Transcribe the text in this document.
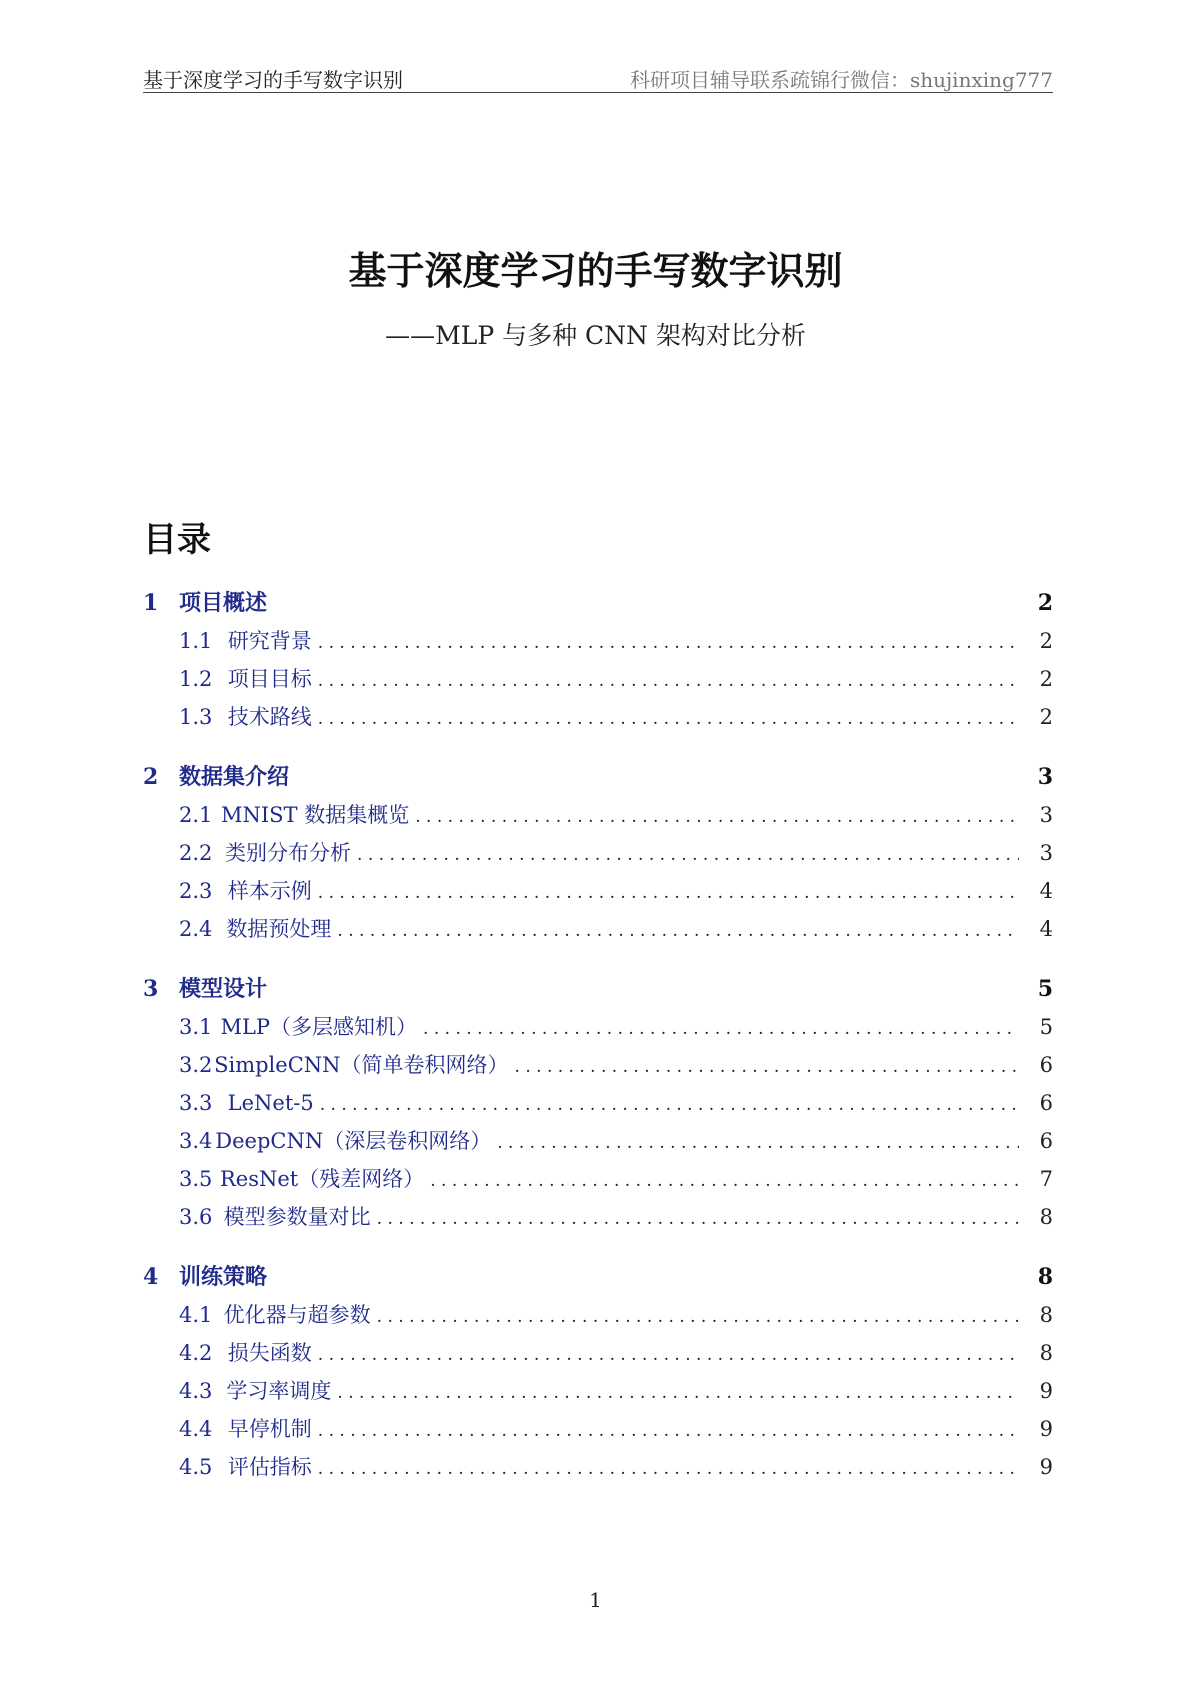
基于深度学习的手写数字识别	科研项目辅导联系疏锦行微信：shujinxing777
基于深度学习的手写数字识别
——MLP 与多种 CNN 架构对比分析
目录
1 项目概述	2
1.1 研究背景 . . .	2
1.2 项目目标 . . .	2
1.3 技术路线 . . .	2
2 数据集介绍	3
2.1 MNIST 数据集概览 . . .	3
2.2 类别分布分析 . . .	3
2.3 样本示例 . . .	4
2.4 数据预处理 . . .	4
3 模型设计	5
3.1 MLP（多层感知机） . . .	5
3.2 SimpleCNN（简单卷积网络） . . .	6
3.3 LeNet-5 . . .	6
3.4 DeepCNN（深层卷积网络） . . .	6
3.5 ResNet（残差网络） . . .	7
3.6 模型参数量对比 . . .	8
4 训练策略	8
4.1 优化器与超参数 . . .	8
4.2 损失函数 . . .	8
4.3 学习率调度 . . .	9
4.4 早停机制 . . .	9
4.5 评估指标 . . .	9
1
